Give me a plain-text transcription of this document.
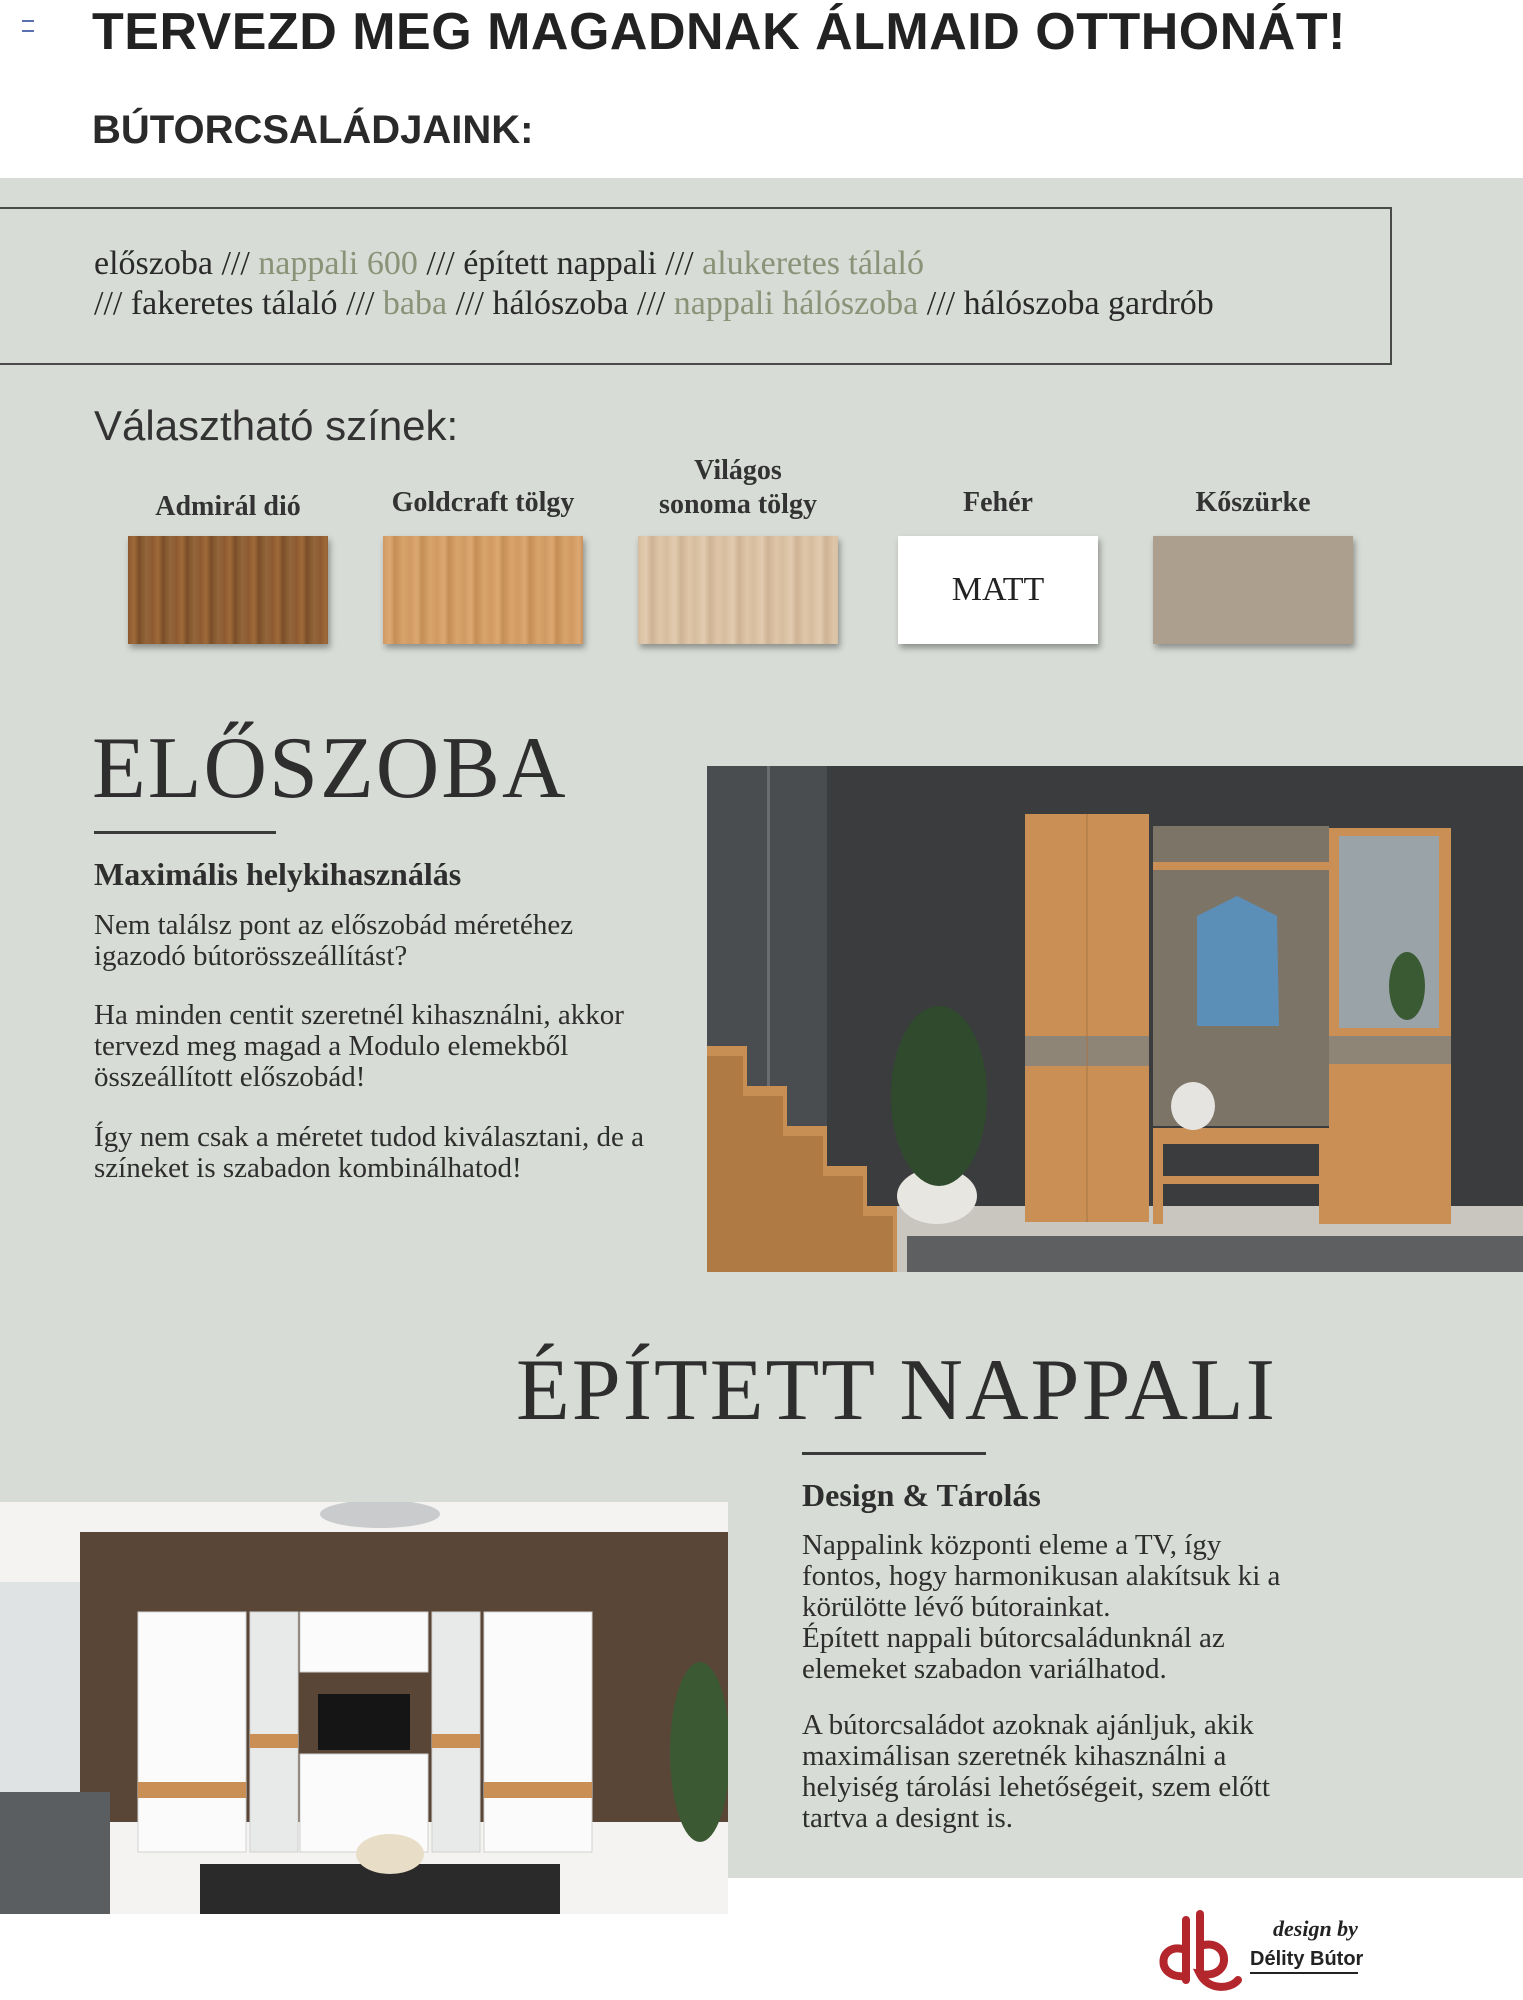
TERVEZD MEG MAGADNAK ÁLMAID OTTHONÁT!
BÚTORCSALÁDJAINK:
előszoba /// nappali 600 /// épített nappali /// alukeretes tálaló
/// fakeretes tálaló /// baba /// hálószoba /// nappali hálószoba /// hálószoba gardrób
Választható színek:
Admirál dió	Goldcraft tölgy
Világos
sonoma tölgy	Fehér	Kőszürke
MATT
ELŐSZOBA
Maximális helykihasználás
Nem találsz pont az előszobád méretéhez
igazodó bútorösszeállítást?
Ha minden centit szeretnél kihasználni, akkor
tervezd meg magad a Modulo elemekből
összeállított előszobád!
Így nem csak a méretet tudod kiválasztani, de a
színeket is szabadon kombinálhatod!
ÉPÍTETT NAPPALI
Design & Tárolás
Nappalink központi eleme a TV, így
fontos, hogy harmonikusan alakítsuk ki a
körülötte lévő bútorainkat.
Épített nappali bútorcsaládunknál az
elemeket szabadon variálhatod.
A bútorcsaládot azoknak ajánljuk, akik
maximálisan szeretnék kihasználni a
helyiség tárolási lehetőségeit, szem előtt
tartva a designt is.
design by
Délity Bútor
